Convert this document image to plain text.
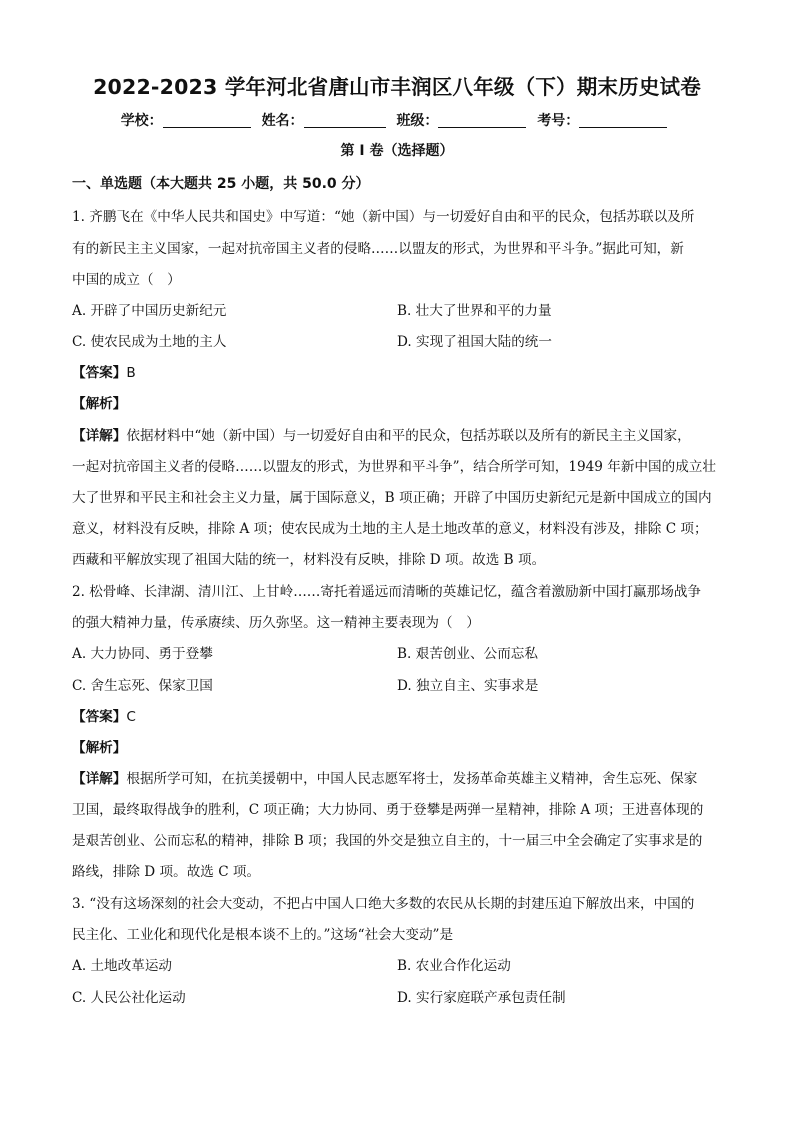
2022-2023 学年河北省唐山市丰润区八年级（下）期末历史试卷
学校：	姓名：	班级：	考号：
第 I 卷（选择题）
一、单选题（本大题共 25 小题，共 50.0 分）
1. 齐鹏飞在《中华人民共和国史》中写道：“她（新中国）与一切爱好自由和平的民众，包括苏联以及所
有的新民主主义国家，一起对抗帝国主义者的侵略……以盟友的形式，为世界和平斗争。”据此可知，新
中国的成立（　）
A. 开辟了中国历史新纪元	B. 壮大了世界和平的力量
C. 使农民成为土地的主人	D. 实现了祖国大陆的统一
【答案】B
【解析】
【详解】依据材料中“她（新中国）与一切爱好自由和平的民众，包括苏联以及所有的新民主主义国家，
一起对抗帝国主义者的侵略……以盟友的形式，为世界和平斗争”，结合所学可知，1949 年新中国的成立壮
大了世界和平民主和社会主义力量，属于国际意义，B 项正确；开辟了中国历史新纪元是新中国成立的国内
意义，材料没有反映，排除 A 项；使农民成为土地的主人是土地改革的意义，材料没有涉及，排除 C 项；
西藏和平解放实现了祖国大陆的统一，材料没有反映，排除 D 项。故选 B 项。
2. 松骨峰、长津湖、清川江、上甘岭……寄托着遥远而清晰的英雄记忆，蕴含着激励新中国打赢那场战争
的强大精神力量，传承赓续、历久弥坚。这一精神主要表现为（　）
A. 大力协同、勇于登攀	B. 艰苦创业、公而忘私
C. 舍生忘死、保家卫国	D. 独立自主、实事求是
【答案】C
【解析】
【详解】根据所学可知，在抗美援朝中，中国人民志愿军将士，发扬革命英雄主义精神，舍生忘死、保家
卫国，最终取得战争的胜利，C 项正确；大力协同、勇于登攀是两弹一星精神，排除 A 项；王进喜体现的
是艰苦创业、公而忘私的精神，排除 B 项；我国的外交是独立自主的，十一届三中全会确定了实事求是的
路线，排除 D 项。故选 C 项。
3. “没有这场深刻的社会大变动，不把占中国人口绝大多数的农民从长期的封建压迫下解放出来，中国的
民主化、工业化和现代化是根本谈不上的。”这场“社会大变动”是
A. 土地改革运动	B. 农业合作化运动
C. 人民公社化运动	D. 实行家庭联产承包责任制
